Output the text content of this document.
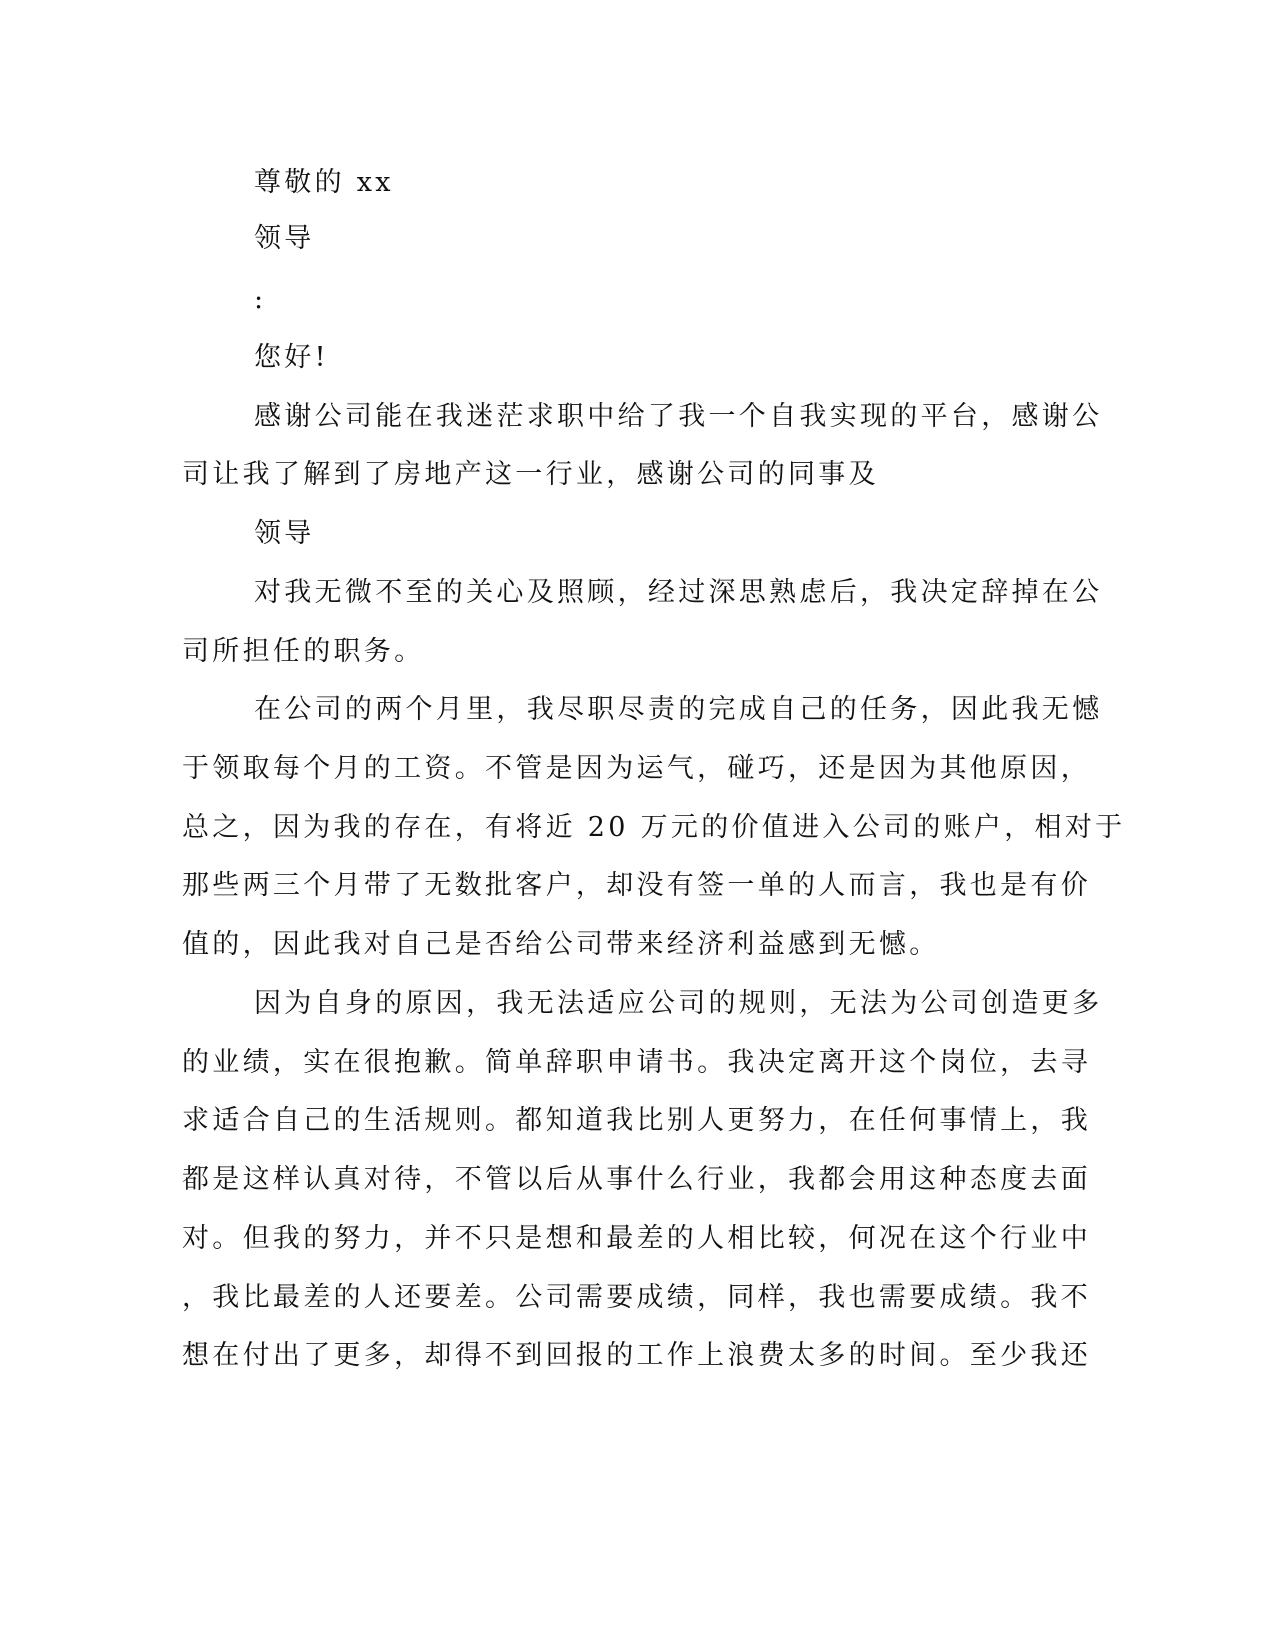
尊敬的 xx
领导
:
您好!
感谢公司能在我迷茫求职中给了我一个自我实现的平台，感谢公
司让我了解到了房地产这一行业，感谢公司的同事及
领导
对我无微不至的关心及照顾，经过深思熟虑后，我决定辞掉在公
司所担任的职务。
在公司的两个月里，我尽职尽责的完成自己的任务，因此我无憾
于领取每个月的工资。不管是因为运气，碰巧，还是因为其他原因，
总之，因为我的存在，有将近 20 万元的价值进入公司的账户，相对于
那些两三个月带了无数批客户，却没有签一单的人而言，我也是有价
值的，因此我对自己是否给公司带来经济利益感到无憾。
因为自身的原因，我无法适应公司的规则，无法为公司创造更多
的业绩，实在很抱歉。简单辞职申请书。我决定离开这个岗位，去寻
求适合自己的生活规则。都知道我比别人更努力，在任何事情上，我
都是这样认真对待，不管以后从事什么行业，我都会用这种态度去面
对。但我的努力，并不只是想和最差的人相比较，何况在这个行业中
，我比最差的人还要差。公司需要成绩，同样，我也需要成绩。我不
想在付出了更多，却得不到回报的工作上浪费太多的时间。至少我还
